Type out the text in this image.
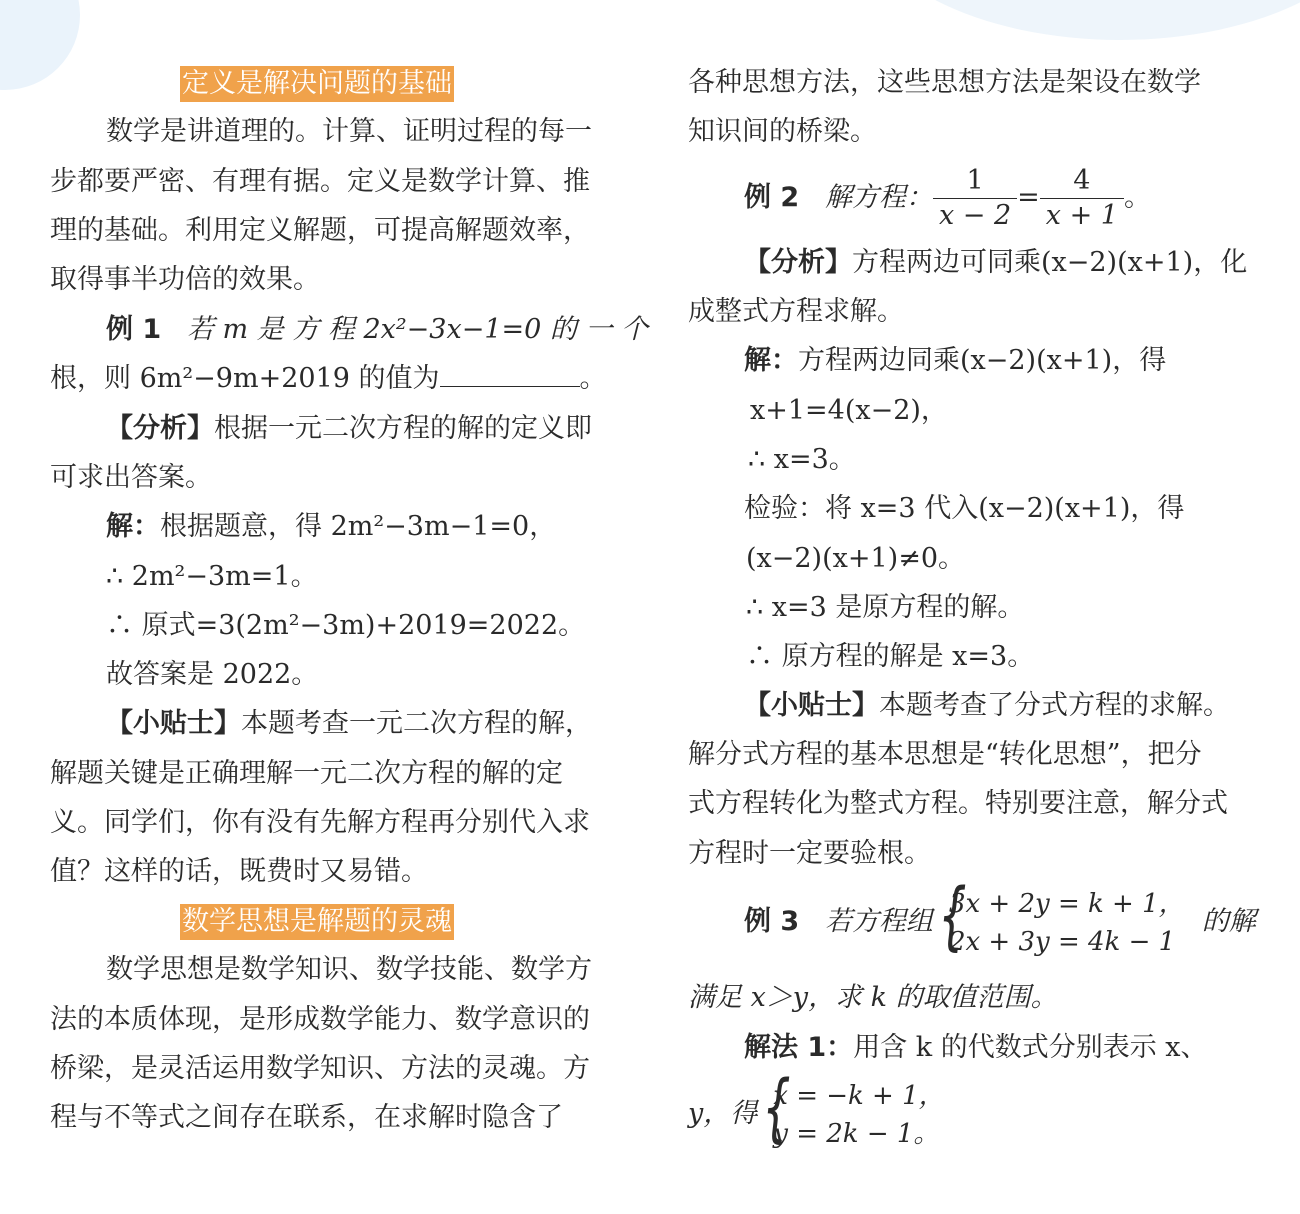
定义是解决问题的基础
数学是讲道理的。计算、证明过程的每一
步都要严密、有理有据。定义是数学计算、推
理的基础。利用定义解题，可提高解题效率，
取得事半功倍的效果。
例 1 若 m 是 方 程 2x²−3x−1=0 的 一 个
根，则 6m²−9m+2019 的值为	。
【分析】根据一元二次方程的解的定义即
可求出答案。
解：根据题意，得 2m²−3m−1=0，
∴ 2m²−3m=1。
∴ 原式=3(2m²−3m)+2019=2022。
故答案是 2022。
【小贴士】本题考查一元二次方程的解，
解题关键是正确理解一元二次方程的解的定
义。同学们，你有没有先解方程再分别代入求
值？这样的话，既费时又易错。
数学思想是解题的灵魂
数学思想是数学知识、数学技能、数学方
法的本质体现，是形成数学能力、数学意识的
桥梁，是灵活运用数学知识、方法的灵魂。方
程与不等式之间存在联系，在求解时隐含了
各种思想方法，这些思想方法是架设在数学
知识间的桥梁。
例 2 解方程： $\frac{1}{x - 2} = \frac{4}{x + 1}$ 。
【分析】方程两边可同乘(x−2)(x+1)，化
成整式方程求解。
解：方程两边同乘(x−2)(x+1)，得
x+1=4(x−2)，
∴ x=3。
检验：将 x=3 代入(x−2)(x+1)，得
(x−2)(x+1)≠0。
∴ x=3 是原方程的解。
∴ 原方程的解是 x=3。
【小贴士】本题考查了分式方程的求解。
解分式方程的基本思想是“转化思想”，把分
式方程转化为整式方程。特别要注意，解分式
方程时一定要验根。
例 3 若方程组 {
3x + 2y = k + 1，
2x + 3y = 4k − 1
的解
满足 x＞y，求 k 的取值范围。
解法 1：用含 k 的代数式分别表示 x、
y，得 {
x = −k + 1，
y = 2k − 1。
